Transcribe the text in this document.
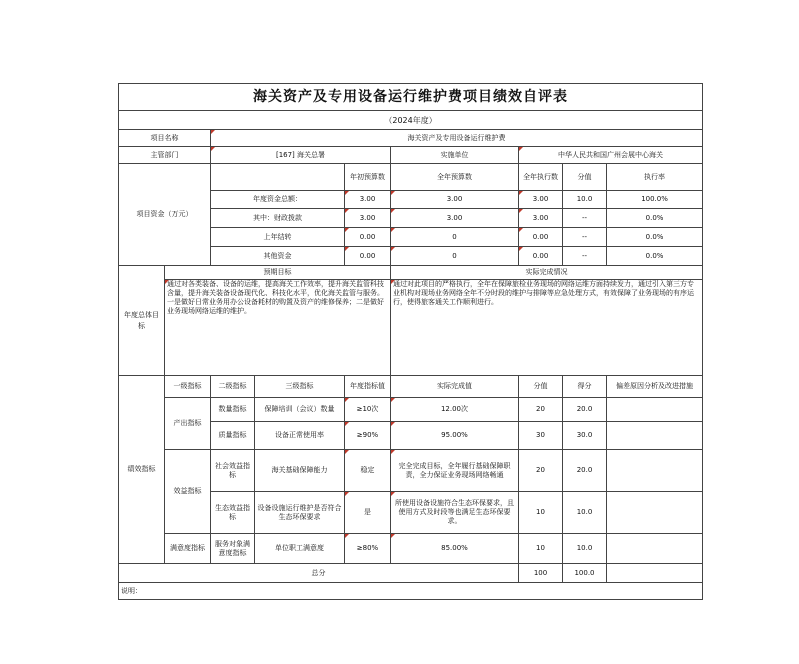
海关资产及专用设备运行维护费项目绩效自评表									
（2024年度）									
项目名称		海关资产及专用设备运行维护费							
主管部门		[167] 海关总署			实施单位	中华人民共和国广州会展中心海关			
项目资金（万元）				年初预算数	全年预算数	全年执行数	分值	执行率	
		年度资金总额：		3.00	3.00	3.00	10.0	100.0%	
		其中：财政拨款		3.00	3.00	3.00	--	0.0%	
		上年结转		0.00	0	0.00	--	0.0%	
		其他资金		0.00	0	0.00	--	0.0%	
年度总体目标	预期目标				实际完成情况				
	通过对各类装备、设备的运维，提高海关工作效率，提升海关监管科技含量，提升海关装备设备现代化、科技化水平，优化海关监管与服务。一是做好日常业务用办公设备耗材的购置及资产的维修保养；二是做好业务现场网络运维的维护。				通过对此项目的严格执行，全年在保障旅检业务现场的网络运维方面持续发力，通过引入第三方专业机构对现场业务网络全年不分时段的维护与排障等应急处理方式，有效保障了业务现场的有序运行，使得旅客通关工作顺利进行。				
绩效指标	一级指标	二级指标	三级指标	年度指标值	实际完成值	分值	得分	偏差原因分析及改进措施	
	产出指标	数量指标	保障培训（会议）数量	≥10次	12.00次	20	20.0		
		质量指标	设备正常使用率	≥90%	95.00%	30	30.0		
	效益指标	社会效益指标	海关基础保障能力	稳定	完全完成目标，全年履行基础保障职责，全力保证业务现场网络畅通	20	20.0		
		生态效益指标	设备设施运行维护是否符合生态环保要求	是	所使用设备设施符合生态环保要求，且使用方式及时段等也满足生态环保要求。	10	10.0		
	满意度指标	服务对象满意度指标	单位职工满意度	≥80%	85.00%	10	10.0		
总分						100	100.0		
说明：									
